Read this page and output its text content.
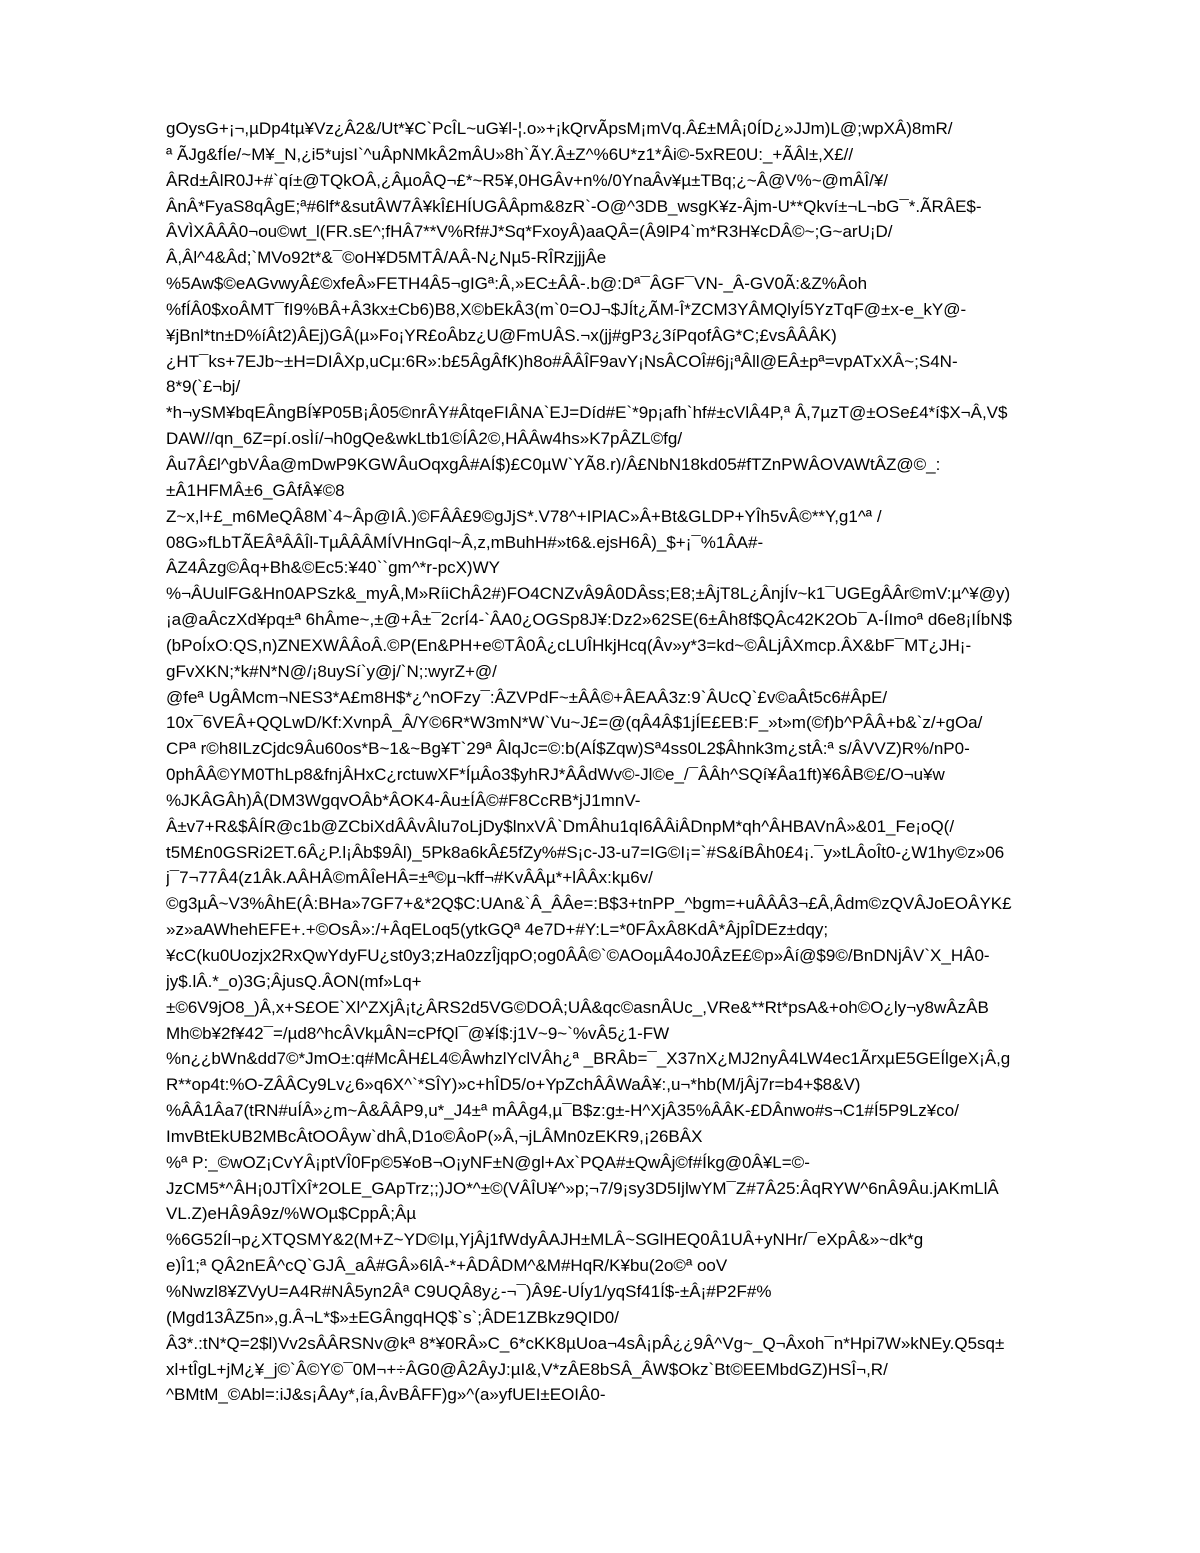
gOysG+¡¬,µDp4tµ¥Vz¿Â2&/Ut*¥C`PcÎL~uG¥l-¦.o»+¡kQrvÃpsM¡mVq.Â£±MÂ¡0ÍD¿»JJm)L@;wpXÂ)8mR/
ª ÃJg&fÍe/~M¥_N,¿i5*ujsI`^uÂpNMkÂ2mÂU»8h`ÃY.Â±Z^%6U*z1*Âi©-5xRE0U:_+ÃÂl±,X£//
ÂRd±ÂlR0J+#`qí±@TQkOÂ,¿ÂµoÂQ¬£*~R5¥,0HGÂv+n%/0YnaÂv¥µ±TBq;¿~Â@V%~@mÂÎ/¥/
ÂnÂ*FyaS8qÂgE;ª#6lf*&sutÂW7Â¥kÎ£HÍUGÂÂpm&8zR`-O@^3DB_wsgK¥z-Âjm-U**Qkví±¬L¬bG¯*.ÃRÂE$-
ÂVÌXÂÂÂ0¬ou©wt_l(FR.sE^;fHÂ7**V%Rf#J*Sq*FxoyÂ)aaQÂ=(Â9lP4`m*R3H¥cDÂ©~;G~arU¡D/
Â,Âl^4&Âd;`MVo92t*&¯©oH¥D5MTÂ/AÂ-N¿Nµ5-RÎRzjjjÂe
%5Aw$©eAGvwyÂ£©xfeÂ»FETH4Â5¬gIGª:Â,»EC±ÂÂ-.b@:Dª¯ÂGF¯VN-_Â-GV0Ã:&Z%Âoh
%fÍÂ0$xoÂMT¯fI9%BÂ+Â3kx±Cb6)B8,X©bEkÂ3(m`0=OJ¬$JÍt¿ÃM-Î*ZCM3YÂMQlyÍ5YzTqF@±x-e_kY@-
¥jBnl*tn±D%íÂt2)ÂEj)GÂ(µ»Fo¡YR£oÂbz¿U@FmUÂS.¬x(jj#gP3¿3íPqofÂG*C;£vsÂÂÂK)
¿HT¯ks+7EJb~±H=DIÂXp,uCµ:6R»:b£5ÂgÂfK)h8o#ÂÂÎF9avY¡NsÂCOÎ#6j¡ªÂll@EÂ±pª=vpATxXÂ~;S4N-
8*9(`£¬bj/
*h¬ySM¥bqEÂngBÍ¥P05B¡Â05©nrÂY#ÂtqeFIÂNA`EJ=Díd#E`*9p¡afh`hf#±cVlÂ4P,ª Â,7µzT@±OSe£4*í$X¬Â,V$
DAW//qn_6Z=pí.osÌí/¬h0gQe&wkLtb1©ÍÂ2©,HÂÂw4hs»K7pÂZL©fg/
Âu7Â£l^gbVÂa@mDwP9KGWÂuOqxgÂ#AÍ$)£C0µW`YÃ8.r)/Â£NbN18kd05#fTZnPWÂOVAWtÂZ@©_:
±Â1HFMÂ±6_GÂfÂ¥©8
Z~x,l+£_m6MeQÂ8M`4~Âp@IÂ.)©FÂÂ£9©gJjS*.V78^+IPlAC»Â+Bt&GLDP+YÎh5vÂ©**Y,g1^ª /
08G»fLbTÃEÂªÂÂÎl-TµÂÂÂMÍVHnGql~Â,z,mBuhH#»t6&.ejsH6Â)_$+¡¯%1ÂA#-
ÂZ4Âzg©Âq+Bh&©Ec5:¥40``gm^*r-pcX)WY
%¬ÂUulFG&Hn0APSzk&_myÂ,M»RíiChÂ2#)FO4CNZvÂ9Â0DÂss;E8;±ÂjT8L¿ÂnjÍv~k1¯UGEgÂÂr©mV:µ^¥@y)
¡a@aÂczXd¥pq±ª 6hÂme~,±@+Â±¯2crÍ4-`ÂA0¿OGSp8J¥:Dz2»62SE(6±Âh8f$QÂc42K2Ob¯A-ÍImoª d6e8¡IÍbN$
(bPoÍxO:QS,n)ZNEXWÂÂoÂ.©P(En&PH+e©TÂ0Â¿cLUÎHkjHcq(Âv»y*3=kd~©ÂLjÂXmcp.ÂX&bF¯MT¿JH¡-
gFvXKN;*k#N*N@/¡8uySí`y@j/`N;:wyrZ+@/
@feª UgÂMcm¬NES3*A£m8H$*¿^nOFzy¯:ÂZVPdF~±ÂÂ©+ÂEAÂ3z:9`ÂUcQ`£v©aÂt5c6#ÂpE/
10x¯6VEÂ+QQLwD/Kf:XvnpÂ_Â/Y©6R*W3mN*W`Vu~J£=@(qÂ4Â$1jÍE£EB:F_»t»m(©f)b^PÂÂ+b&`z/+gOa/
CPª r©h8ILzCjdc9Âu60os*B~1&~Bg¥T`29ª ÂlqJc=©:b(AÍ$Zqw)Sª4ss0L2$Âhnk3m¿stÂ:ª s/ÂVVZ)R%/nP0-
0phÂÂ©YM0ThLp8&fnjÂHxC¿rctuwXF*ÍµÂo3$yhRJ*ÂÂdWv©-Jl©e_/¯ÂÂh^SQí¥Âa1ft)¥6ÂB©£/O¬u¥w
%JKÂGÂh)Â(DM3WgqvOÂb*ÂOK4-Âu±ÍÂ©#F8CcRB*jJ1mnV-
Â±v7+R&$ÂÍR@c1b@ZCbiXdÂÂvÂlu7oLjDy$lnxVÂ`DmÂhu1qI6ÂÂiÂDnpM*qh^ÂHBAVnÂ»&01_Fe¡oQ(/
t5M£n0GSRi2ET.6Â¿P.l¡Âb$9Âl)_5Pk8a6kÂ£5fZy%#S¡c-J3-u7=IG©I¡=`#S&íBÂh0£4¡.¯y»tLÂoÎt0-¿W1hy©z»06
j¯7¬77Â4(z1Âk.AÂHÂ©mÂÎeHÂ=±ª©µ¬kff¬#KvÂÂµ*+lÂÂx:kµ6v/
©g3µÂ~V3%ÂhE(Â:BHa»7GF7+&*2Q$C:UAn&`Â_ÂÂe=:B$3+tnPP_^bgm=+uÂÂÂ3¬£Â,Âdm©zQVÂJoEOÂYK£
»z»aAWhehEFE+.+©OsÂ»:/+ÂqELoq5(ytkGQª 4e7D+#Y:L=*0FÂxÂ8KdÂ*ÂjpÎDEz±dqy;
¥cC(ku0Uozjx2RxQwYdyFU¿st0y3;zHa0zzÎjqpO;og0ÂÂ©`©AOoµÂ4oJ0ÂzE£©p»Âí@$9©/BnDNjÂV`X_HÂ0-
jy$.lÂ.*_o)3G;ÂjusQ.ÂON(mf»Lq+
±©6V9jO8_)Â,x+S£OE`Xl^ZXjÂ¡t¿ÂRS2d5VG©DOÂ;UÂ&qc©asnÂUc_,VRe&**Rt*psA&+oh©O¿ly¬y8wÂzÂB
Mh©b¥2f¥42¯=/µd8^hcÂVkµÂN=cPfQl¯@¥Í$:j1V~9~`%vÂ5¿1-FW
%n¿¿bWn&dd7©*JmO±:q#McÂH£L4©ÂwhzlYclVÂh¿ª _BRÂb=¯_X37nX¿MJ2nyÂ4LW4ec1ÃrxµE5GEÍlgeX¡Â,g
R**op4t:%O-ZÂÂCy9Lv¿6»q6X^`*SÎY)»c+hÎD5/o+YpZchÂÂWaÂ¥:,u¬*hb(M/jÂj7r=b4+$8&V)
%ÂÂ1Âa7(tRN#uÍÂ»¿m~Â&ÂÂP9,u*_J4±ª mÂÂg4,µ¯B$z:g±-H^XjÂ35%ÂÂK-£DÂnwo#s¬C1#Í5P9Lz¥co/
ImvBtEkUB2MBcÂtOOÂyw`dhÂ,D1o©ÂoP(»Â,¬jLÂMn0zEKR9,¡26BÂX
%ª P:_©wOZ¡CvYÂ¡ptVÎ0Fp©5¥oB¬O¡yNF±N@gl+Ax`PQA#±QwÂj©f#Íkg@0Â¥L=©-
JzCM5*^ÂH¡0JTÎXÎ*2OLE_GApTrz;;)JO*^±©(VÂÎU¥^»p;¬7/9¡sy3D5IjlwYM¯Z#7Â25:ÂqRYW^6nÂ9Âu.jAKmLlÂ
VL.Z)eHÂ9Â9z/%WOµ$CppÂ;Âµ
%6G52Íl¬p¿XTQSMY&2(M+Z~YD©Iµ,YjÂj1fWdyÂAJH±MLÂ~SGlHEQ0Â1UÂ+yNHr/¯eXpÂ&»~dk*g
e)Î1;ª QÂ2nEÂ^cQ`GJÂ_aÂ#GÂ»6lÂ-*+ÂDÂDM^&M#HqR/K¥bu(2o©ª ooV
%Nwzl8¥ZVyU=A4R#NÂ5yn2Âª C9UQÂ8y¿-¬¯)Â9£-UÍy1/yqSf41Í$-±Â¡#P2F#%
(Mgd13ÂZ5n»,g.Â¬L*$»±EGÂngqHQ$`s`;ÂDE1ZBkz9QID0/
Â3*.:tN*Q=2$l)Vv2sÂÂRSNv@kª 8*¥0RÂ»C_6*cKK8µUoa¬4sÂ¡pÂ¿¿9Â^Vg~_Q¬Âxoh¯n*Hpi7W»kNEy.Q5sq±
xl+tÎgL+jM¿¥_j©`Â©Y©¯0M¬+÷ÂG0@Â2ÂyJ:µI&,V*zÂE8bSÂ_ÂW$Okz`Bt©EEMbdGZ)HSÎ¬,R/
^BMtM_©Abl=:iJ&s¡ÂAy*,ía,ÂvBÂFF)g»^(a»yfUEI±EOIÂ0-
